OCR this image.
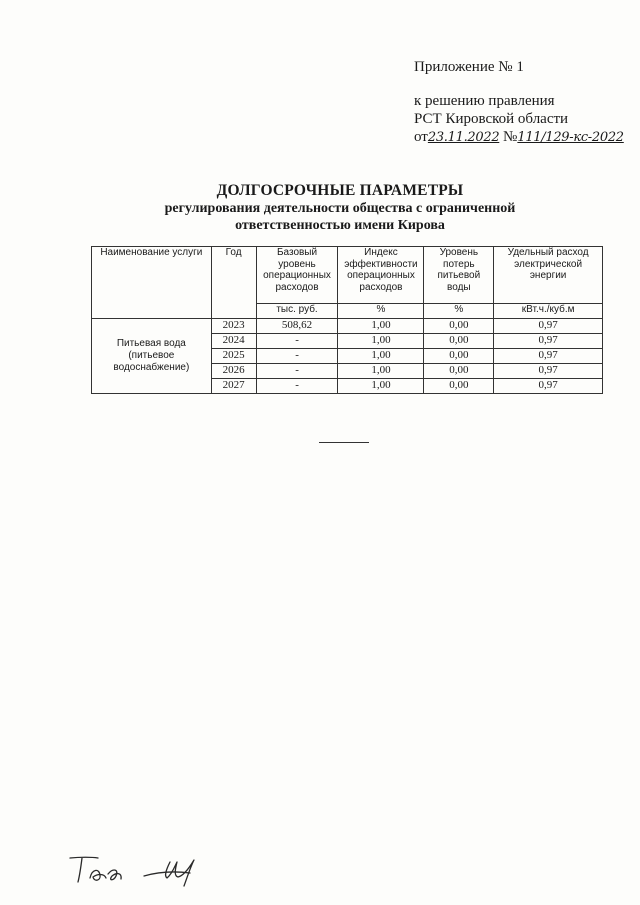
Приложение № 1
к решению правления
РСТ Кировской области
от23.11.2022 №111/129-кс-2022
ДОЛГОСРОЧНЫЕ ПАРАМЕТРЫ
регулирования деятельности общества с ограниченной
ответственностью имени Кирова
Наименование услуги	Год	Базовый уровень операционных расходов	Индекс эффективности операционных расходов	Уровень потерь питьевой воды	Удельный расход электрической энергии
		тыс. руб.	%	%	кВт.ч./куб.м
Питьевая вода (питьевое водоснабжение)	2023	508,62	1,00	0,00	0,97
	2024	-	1,00	0,00	0,97
	2025	-	1,00	0,00	0,97
	2026	-	1,00	0,00	0,97
	2027	-	1,00	0,00	0,97
